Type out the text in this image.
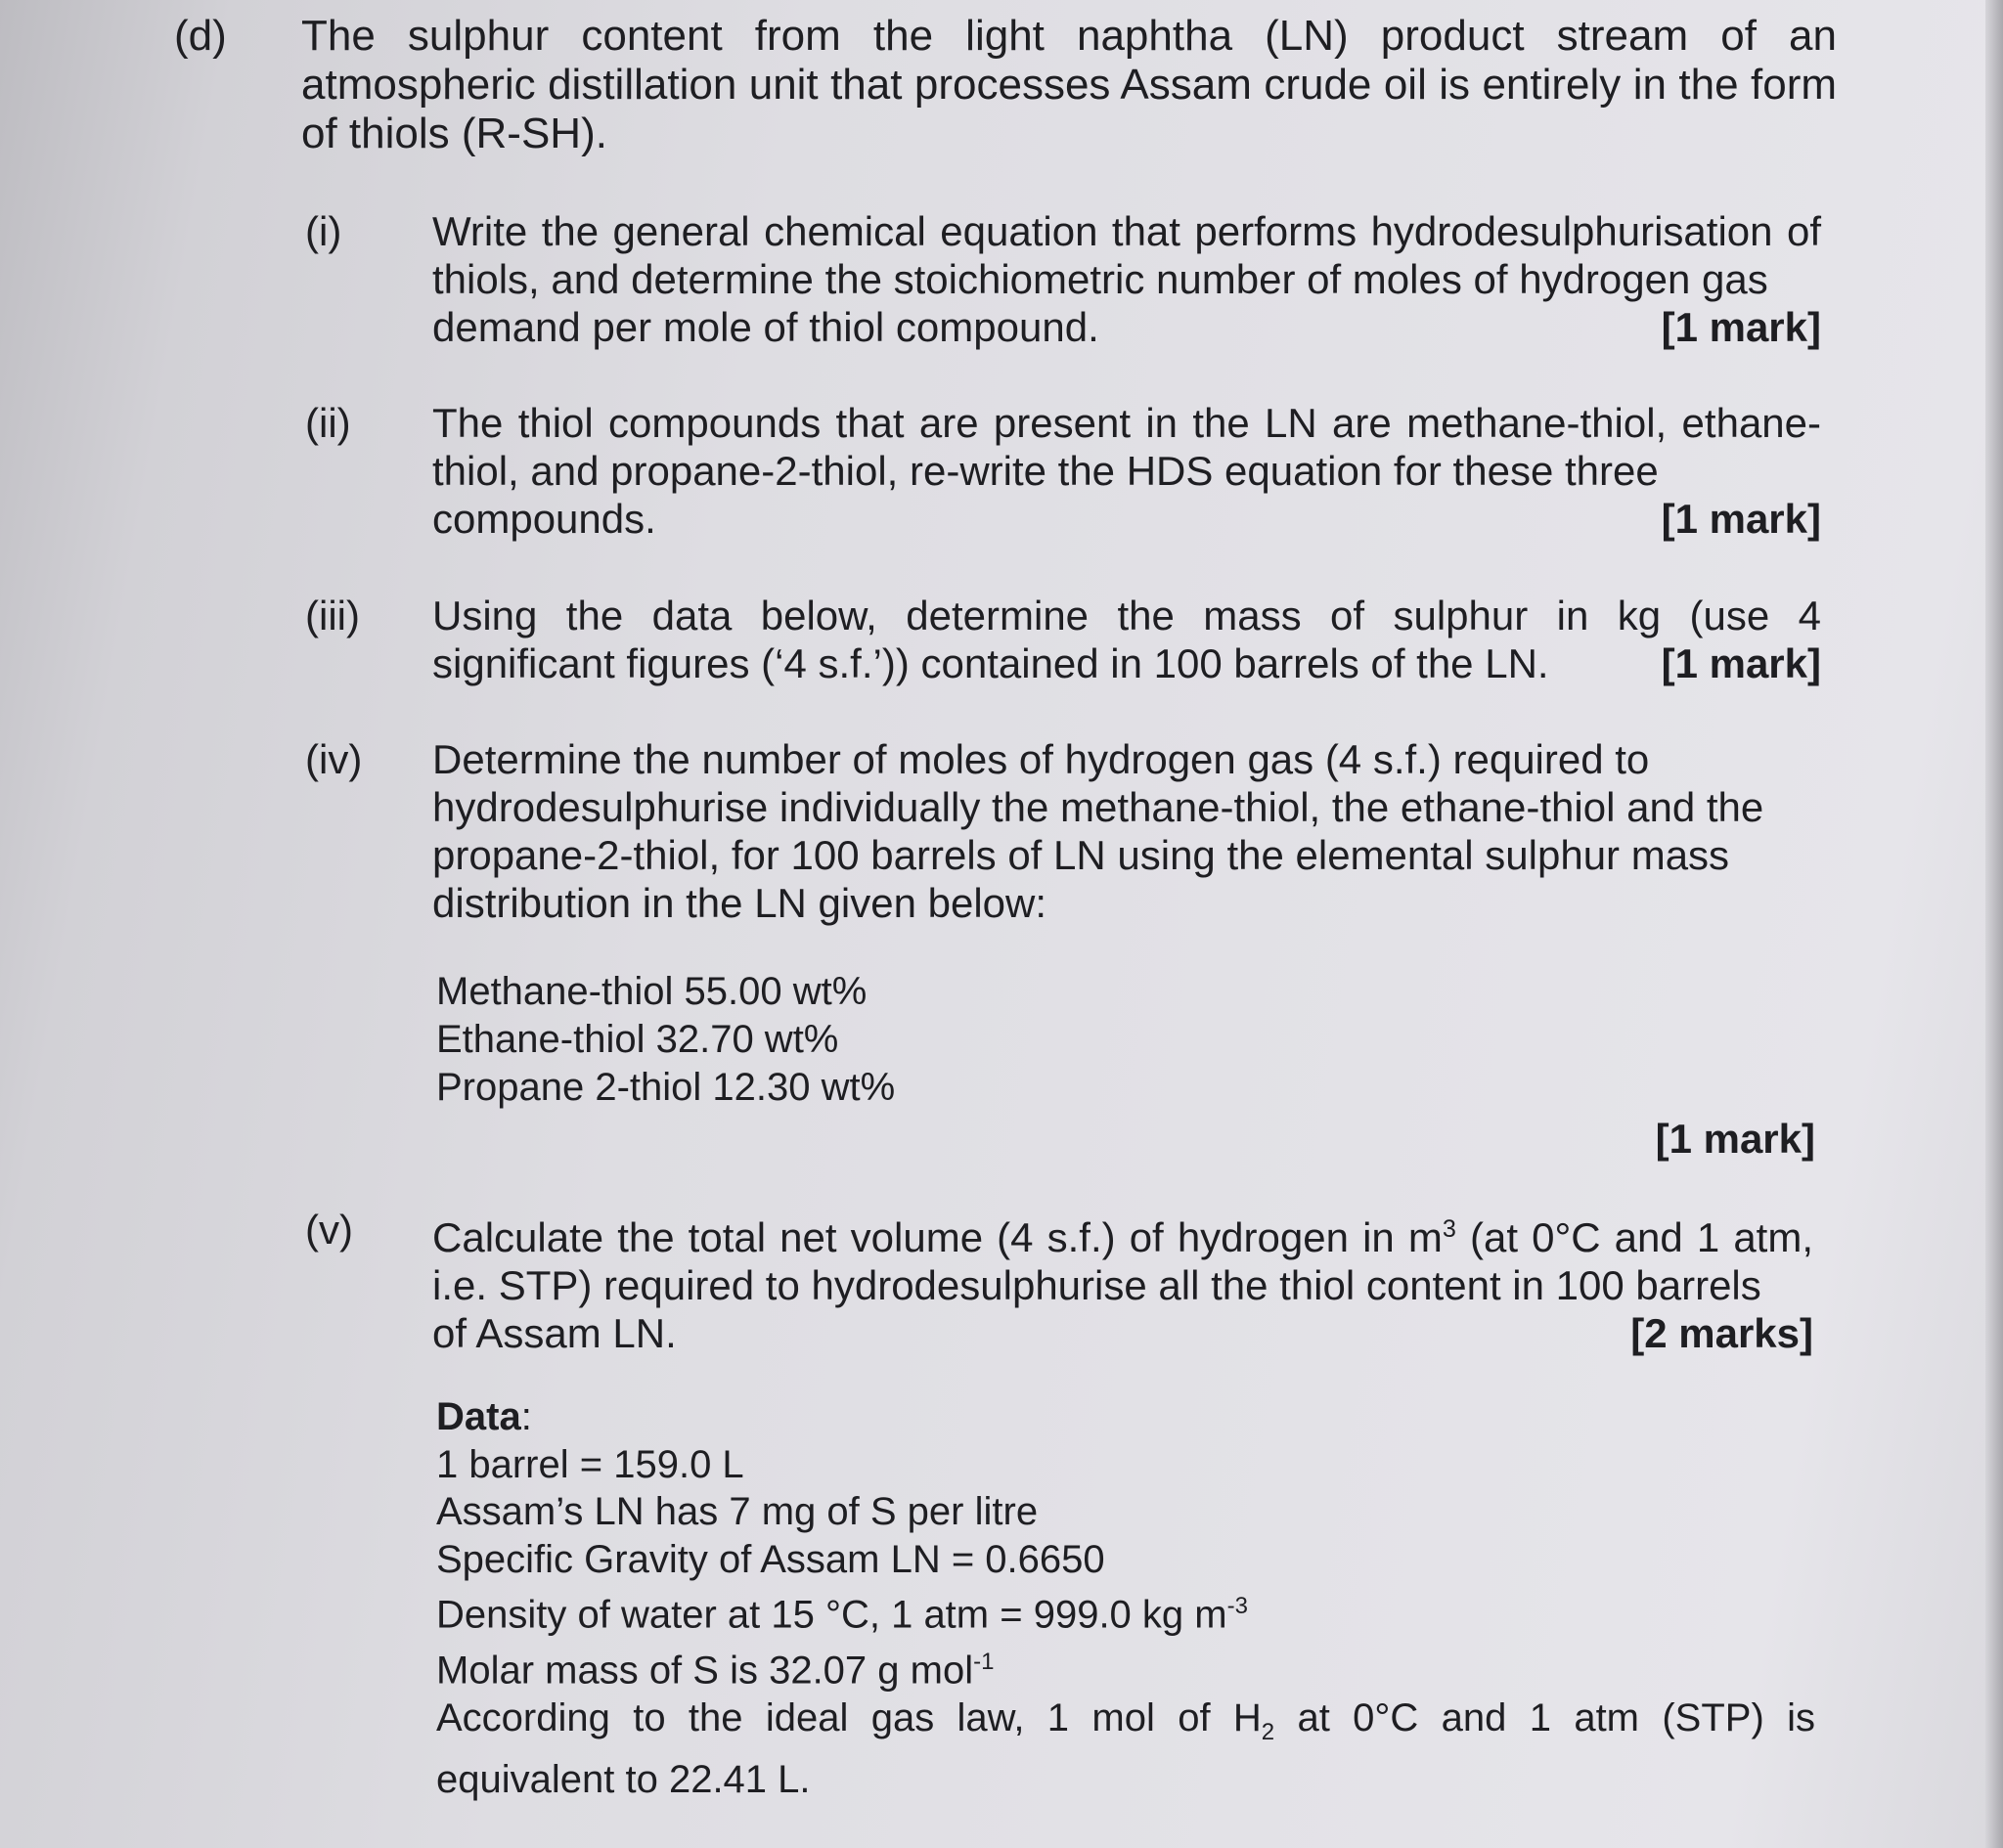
(d) The sulphur content from the light naphtha (LN) product stream of an atmospheric distillation unit that processes Assam crude oil is entirely in the form of thiols (R-SH).
(i) Write the general chemical equation that performs hydrodesulphurisation of thiols, and determine the stoichiometric number of moles of hydrogen gas
demand per mole of thiol compound.	[1 mark]
(ii) The thiol compounds that are present in the LN are methane-thiol, ethane-thiol, and propane-2-thiol, re-write the HDS equation for these three
compounds.	[1 mark]
(iii) Using the data below, determine the mass of sulphur in kg (use 4
significant figures (‘4 s.f.’)) contained in 100 barrels of the LN.	[1 mark]
(iv) Determine the number of moles of hydrogen gas (4 s.f.) required to hydrodesulphurise individually the methane-thiol, the ethane-thiol and the propane-2-thiol, for 100 barrels of LN using the elemental sulphur mass distribution in the LN given below:
Methane-thiol 55.00 wt%
Ethane-thiol 32.70 wt%
Propane 2-thiol 12.30 wt%
[1 mark]
(v) Calculate the total net volume (4 s.f.) of hydrogen in $m^3$ (at 0°C and 1 atm, i.e. STP) required to hydrodesulphurise all the thiol content in 100 barrels
of Assam LN.	[2 marks]
Data:
1 barrel = 159.0 L
Assam’s LN has 7 mg of S per litre
Specific Gravity of Assam LN = 0.6650
Density of water at 15 °C, 1 atm = 999.0 kg $m^{-3}$
Molar mass of S is 32.07 g mol$^{-1}$
According to the ideal gas law, 1 mol of $H_2$ at 0°C and 1 atm (STP) is
equivalent to 22.41 L.
